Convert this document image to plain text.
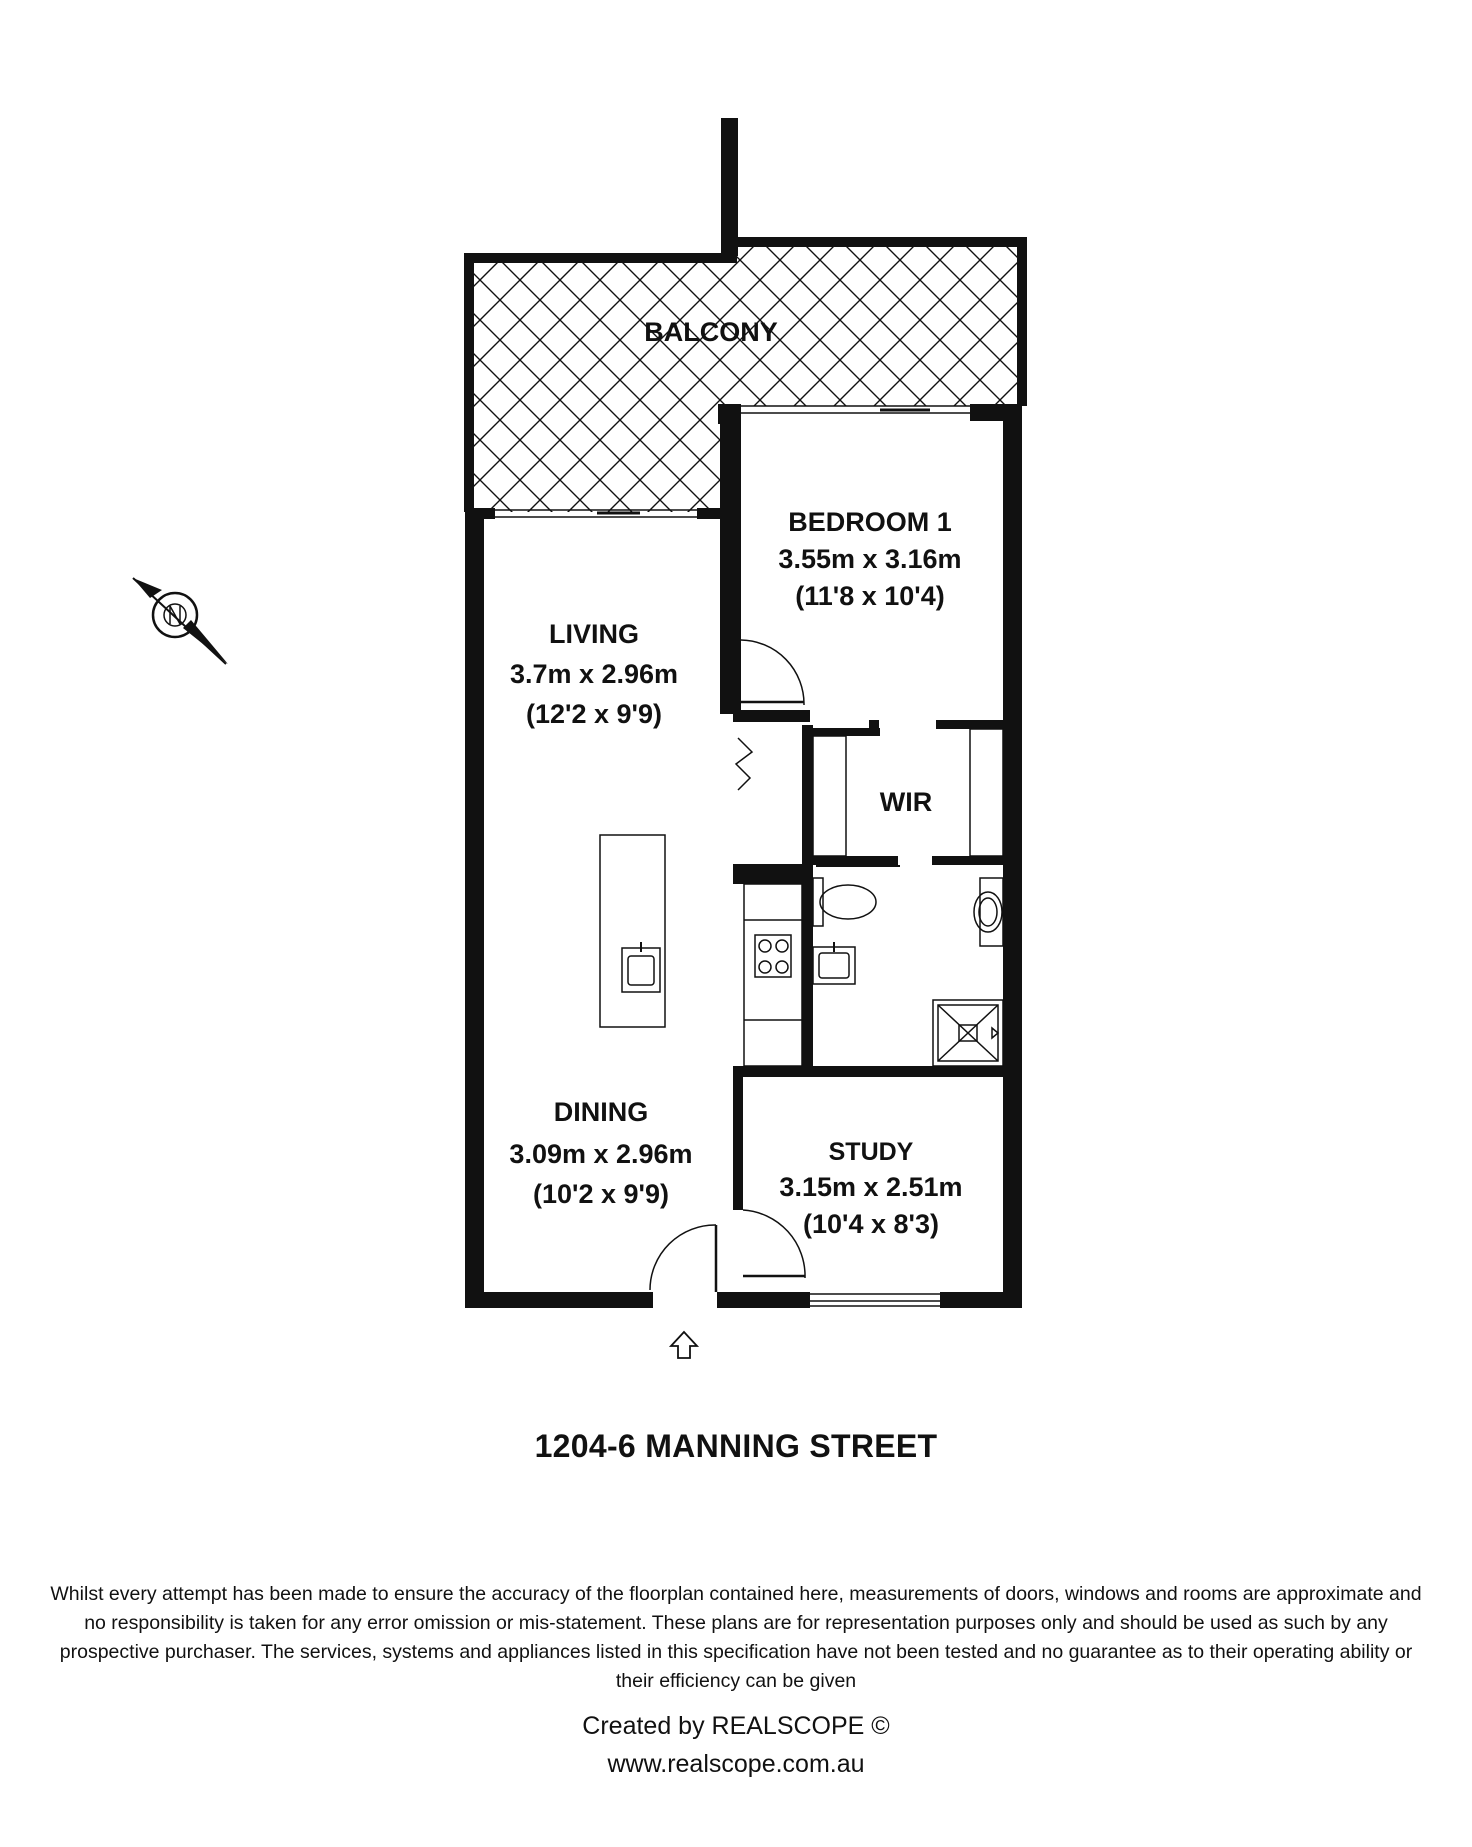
BALCONY
BEDROOM 1
3.55m x 3.16m
(11'8 x 10'4)
LIVING
3.7m x 2.96m
(12'2 x 9'9)
WIR
DINING
3.09m x 2.96m
(10'2 x 9'9)
STUDY
3.15m x 2.51m
(10'4 x 8'3)
1204-6 MANNING STREET
Whilst every attempt has been made to ensure the accuracy of the floorplan contained here, measurements of doors, windows and rooms are approximate and no responsibility is taken for any error omission or mis-statement. These plans are for representation purposes only and should be used as such by any prospective purchaser. The services, systems and appliances listed in this specification have not been tested and no guarantee as to their operating ability or their efficiency can be given
Created by REALSCOPE ©
www.realscope.com.au
